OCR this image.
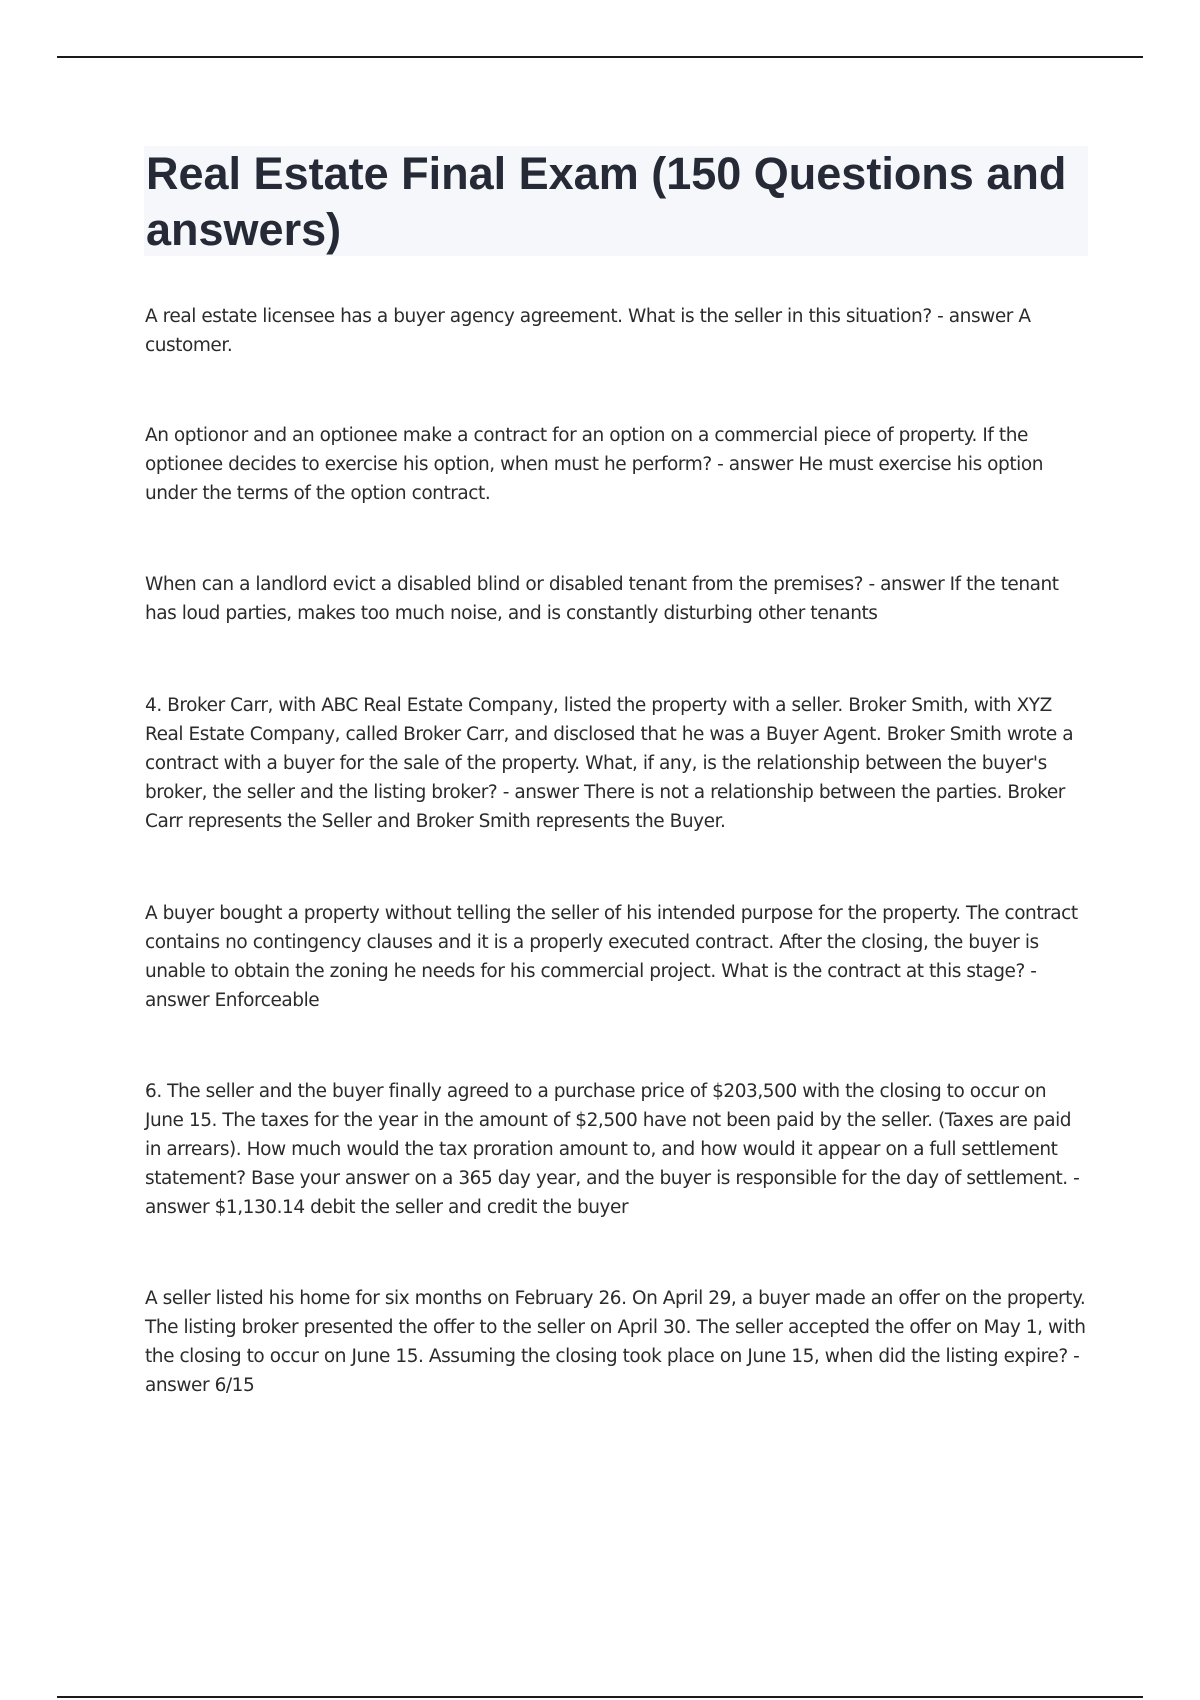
Real Estate Final Exam (150 Questions and answers)

A real estate licensee has a buyer agency agreement. What is the seller in this situation? - answer A customer.

An optionor and an optionee make a contract for an option on a commercial piece of property. If the optionee decides to exercise his option, when must he perform? - answer He must exercise his option under the terms of the option contract.

When can a landlord evict a disabled blind or disabled tenant from the premises? - answer If the tenant has loud parties, makes too much noise, and is constantly disturbing other tenants

4. Broker Carr, with ABC Real Estate Company, listed the property with a seller. Broker Smith, with XYZ Real Estate Company, called Broker Carr, and disclosed that he was a Buyer Agent. Broker Smith wrote a contract with a buyer for the sale of the property. What, if any, is the relationship between the buyer's broker, the seller and the listing broker? - answer There is not a relationship between the parties. Broker Carr represents the Seller and Broker Smith represents the Buyer.

A buyer bought a property without telling the seller of his intended purpose for the property. The contract contains no contingency clauses and it is a properly executed contract. After the closing, the buyer is unable to obtain the zoning he needs for his commercial project. What is the contract at this stage? - answer Enforceable

6. The seller and the buyer finally agreed to a purchase price of $203,500 with the closing to occur on June 15. The taxes for the year in the amount of $2,500 have not been paid by the seller. (Taxes are paid in arrears). How much would the tax proration amount to, and how would it appear on a full settlement statement? Base your answer on a 365 day year, and the buyer is responsible for the day of settlement. - answer $1,130.14 debit the seller and credit the buyer

A seller listed his home for six months on February 26. On April 29, a buyer made an offer on the property. The listing broker presented the offer to the seller on April 30. The seller accepted the offer on May 1, with the closing to occur on June 15. Assuming the closing took place on June 15, when did the listing expire? - answer 6/15
